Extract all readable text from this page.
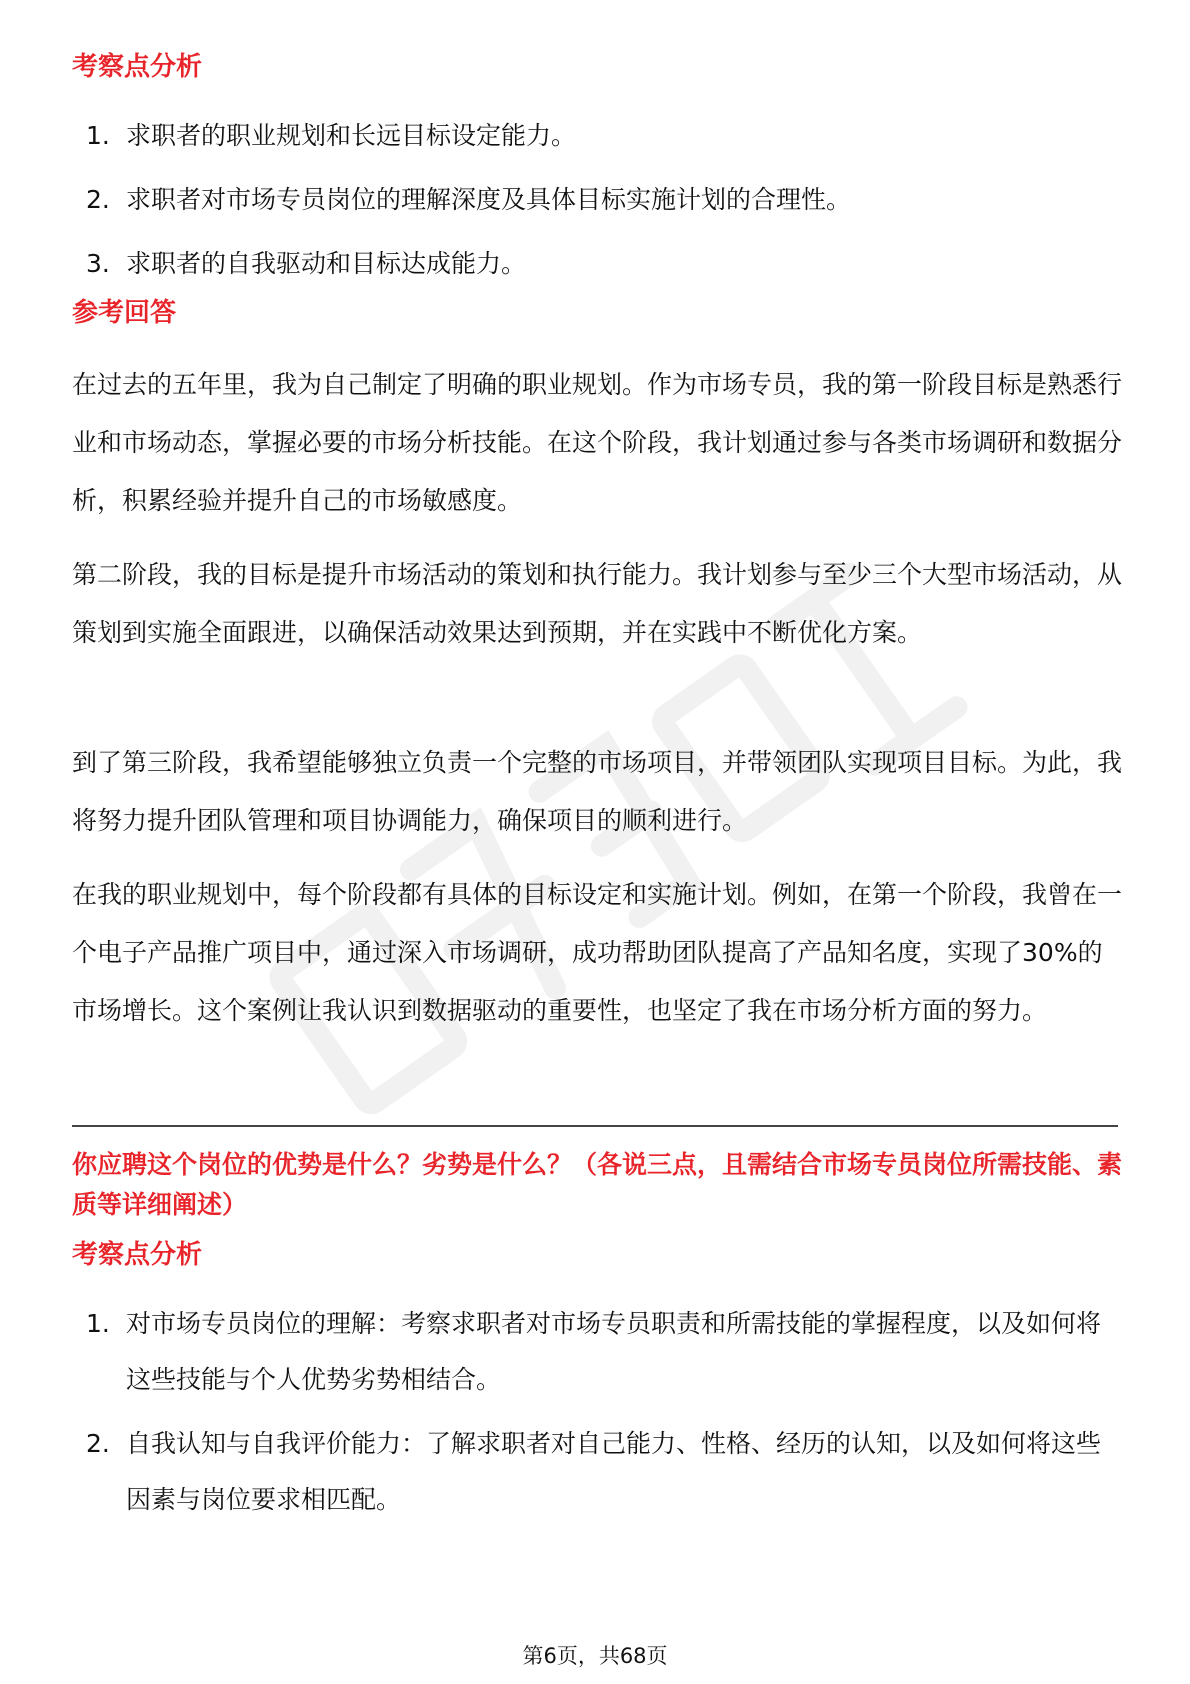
考察点分析
1. 求职者的职业规划和长远目标设定能力。
2. 求职者对市场专员岗位的理解深度及具体目标实施计划的合理性。
3. 求职者的自我驱动和目标达成能力。
参考回答

在过去的五年里，我为自己制定了明确的职业规划。作为市场专员，我的第一阶段目标是熟悉行业和市场动态，掌握必要的市场分析技能。在这个阶段，我计划通过参与各类市场调研和数据分析，积累经验并提升自己的市场敏感度。

第二阶段，我的目标是提升市场活动的策划和执行能力。我计划参与至少三个大型市场活动，从策划到实施全面跟进，以确保活动效果达到预期，并在实践中不断优化方案。

到了第三阶段，我希望能够独立负责一个完整的市场项目，并带领团队实现项目目标。为此，我将努力提升团队管理和项目协调能力，确保项目的顺利进行。

在我的职业规划中，每个阶段都有具体的目标设定和实施计划。例如，在第一个阶段，我曾在一个电子产品推广项目中，通过深入市场调研，成功帮助团队提高了产品知名度，实现了30%的市场增长。这个案例让我认识到数据驱动的重要性，也坚定了我在市场分析方面的努力。

你应聘这个岗位的优势是什么？劣势是什么？（各说三点，且需结合市场专员岗位所需技能、素质等详细阐述）

考察点分析
1. 对市场专员岗位的理解：考察求职者对市场专员职责和所需技能的掌握程度，以及如何将这些技能与个人优势劣势相结合。
2. 自我认知与自我评价能力：了解求职者对自己能力、性格、经历的认知，以及如何将这些因素与岗位要求相匹配。
第6页，共68页
